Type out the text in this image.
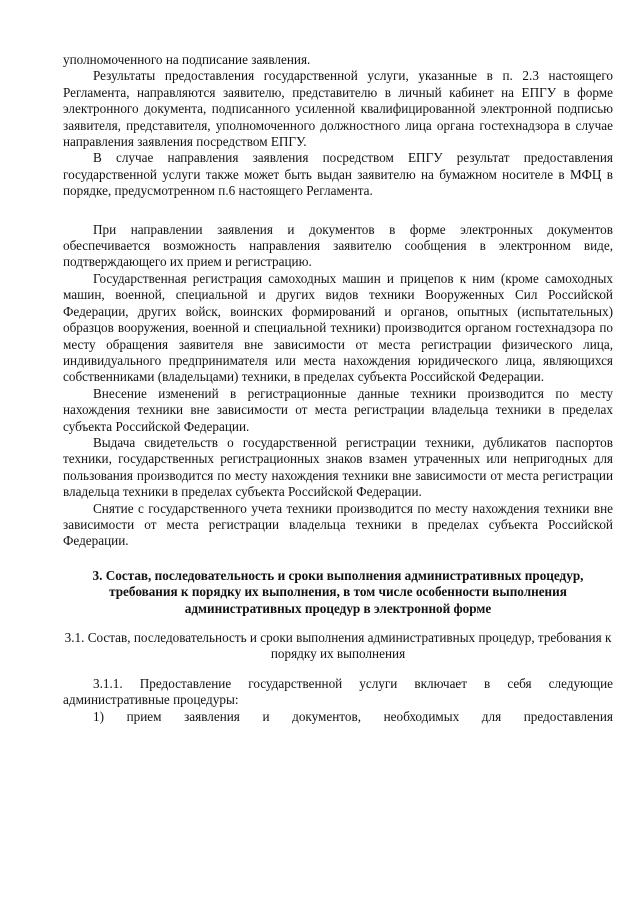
уполномоченного на подписание заявления.

Результаты предоставления государственной услуги, указанные в п. 2.3 настоящего Регламента, направляются заявителю, представителю в личный кабинет на ЕПГУ в форме электронного документа, подписанного усиленной квалифицированной электронной подписью заявителя, представителя, уполномоченного должностного лица органа гостехнадзора в случае направления заявления посредством ЕПГУ.

В случае направления заявления посредством ЕПГУ результат предоставления государственной услуги также может быть выдан заявителю на бумажном носителе в МФЦ в порядке, предусмотренном п.6 настоящего Регламента.

При направлении заявления и документов в форме электронных документов обеспечивается возможность направления заявителю сообщения в электронном виде, подтверждающего их прием и регистрацию.

Государственная регистрация самоходных машин и прицепов к ним (кроме самоходных машин, военной, специальной и других видов техники Вооруженных Сил Российской Федерации, других войск, воинских формирований и органов, опытных (испытательных) образцов вооружения, военной и специальной техники) производится органом гостехнадзора по месту обращения заявителя вне зависимости от места регистрации физического лица, индивидуального предпринимателя или места нахождения юридического лица, являющихся собственниками (владельцами) техники, в пределах субъекта Российской Федерации.

Внесение изменений в регистрационные данные техники производится по месту нахождения техники вне зависимости от места регистрации владельца техники в пределах субъекта Российской Федерации.

Выдача свидетельств о государственной регистрации техники, дубликатов паспортов техники, государственных регистрационных знаков взамен утраченных или непригодных для пользования производится по месту нахождения техники вне зависимости от места регистрации владельца техники в пределах субъекта Российской Федерации.

Снятие с государственного учета техники производится по месту нахождения техники вне зависимости от места регистрации владельца техники в пределах субъекта Российской Федерации.

3. Состав, последовательность и сроки выполнения административных процедур, требования к порядку их выполнения, в том числе особенности выполнения административных процедур в электронной форме

3.1. Состав, последовательность и сроки выполнения административных процедур, требования к порядку их выполнения

3.1.1. Предоставление государственной услуги включает в себя следующие административные процедуры:

1) прием заявления и документов, необходимых для предоставления
